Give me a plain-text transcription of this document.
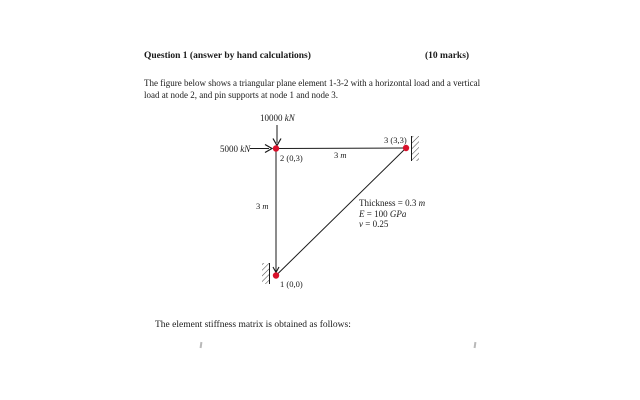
Question 1 (answer by hand calculations)	(10 marks)
The figure below shows a triangular plane element 1-3-2 with a horizontal load and a vertical
load at node 2, and pin supports at node 1 and node 3.
10000 kN
5000 kN
2 (0,3)
3 (3,3)
1 (0,0)
3 m
3 m	Thickness = 0.3 m
E = 100 GPa
v = 0.25
The element stiffness matrix is obtained as follows:
